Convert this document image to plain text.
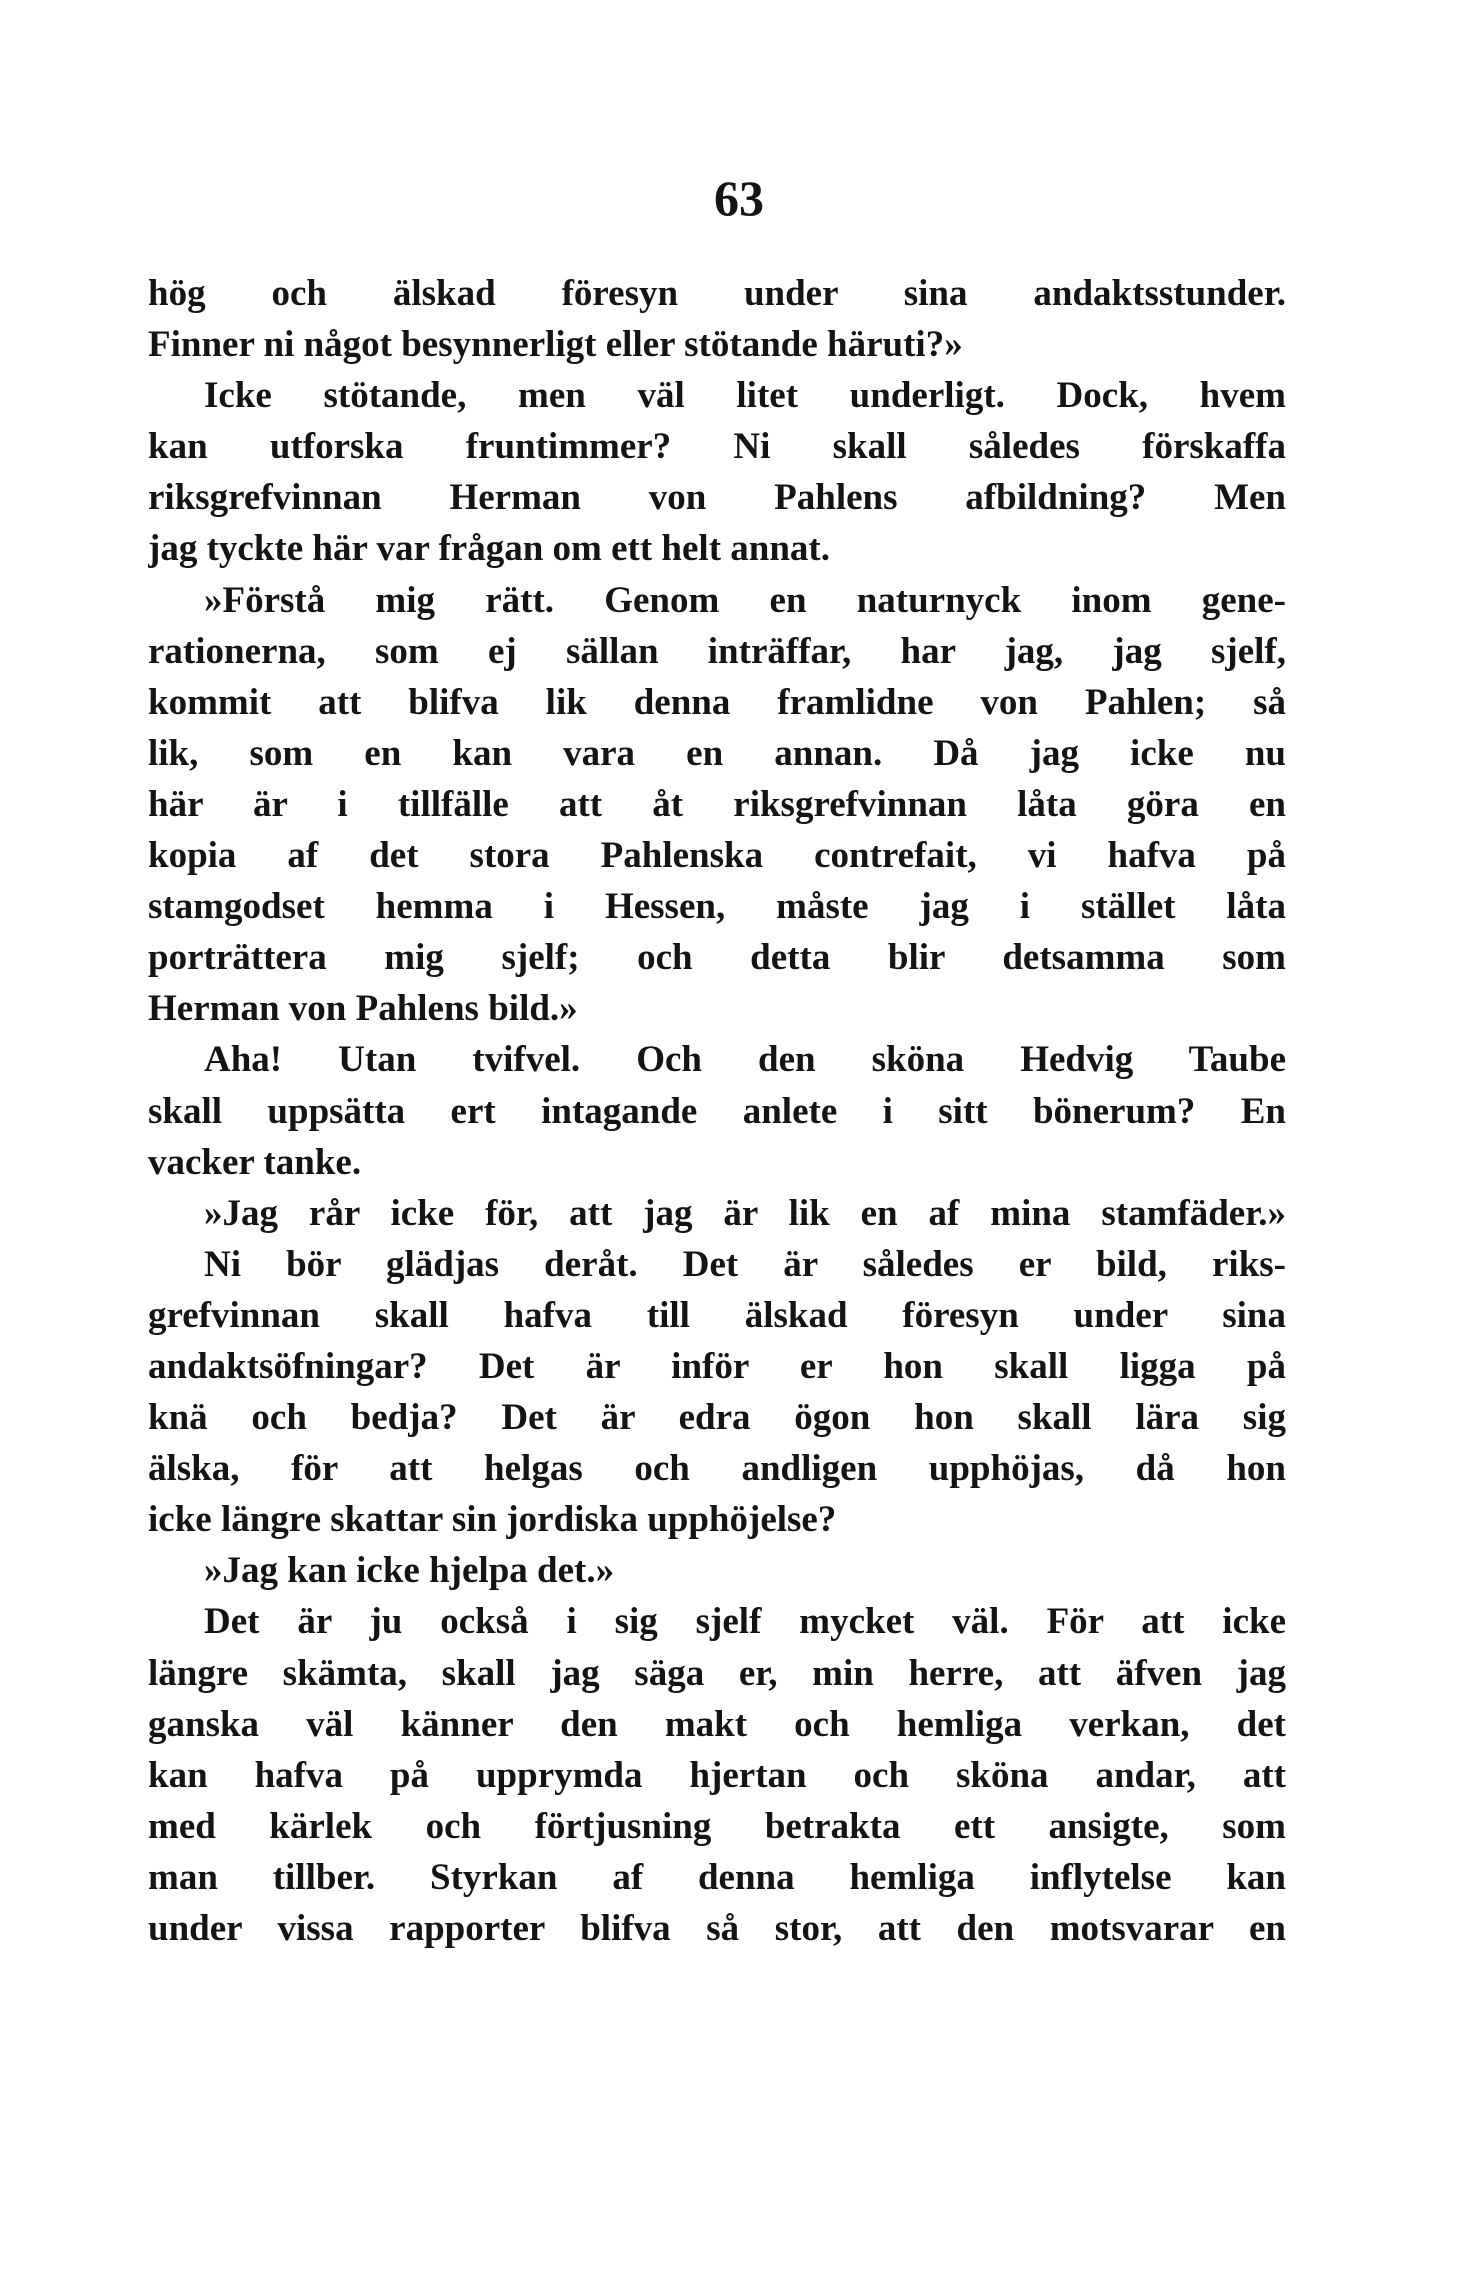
63
hög och älskad föresyn under sina andaktsstunder.
Finner ni något besynnerligt eller stötande häruti?»
Icke stötande, men väl litet underligt. Dock, hvem
kan utforska fruntimmer? Ni skall således förskaffa
riksgrefvinnan Herman von Pahlens afbildning? Men
jag tyckte här var frågan om ett helt annat.
»Förstå mig rätt. Genom en naturnyck inom gene-
rationerna, som ej sällan inträffar, har jag, jag sjelf,
kommit att blifva lik denna framlidne von Pahlen; så
lik, som en kan vara en annan. Då jag icke nu
här är i tillfälle att åt riksgrefvinnan låta göra en
kopia af det stora Pahlenska contrefait, vi hafva på
stamgodset hemma i Hessen, måste jag i stället låta
porträttera mig sjelf; och detta blir detsamma som
Herman von Pahlens bild.»
Aha! Utan tvifvel. Och den sköna Hedvig Taube
skall uppsätta ert intagande anlete i sitt bönerum? En
vacker tanke.
»Jag rår icke för, att jag är lik en af mina stamfäder.»
Ni bör glädjas deråt. Det är således er bild, riks-
grefvinnan skall hafva till älskad föresyn under sina
andaktsöfningar? Det är inför er hon skall ligga på
knä och bedja? Det är edra ögon hon skall lära sig
älska, för att helgas och andligen upphöjas, då hon
icke längre skattar sin jordiska upphöjelse?
»Jag kan icke hjelpa det.»
Det är ju också i sig sjelf mycket väl. För att icke
längre skämta, skall jag säga er, min herre, att äfven jag
ganska väl känner den makt och hemliga verkan, det
kan hafva på upprymda hjertan och sköna andar, att
med kärlek och förtjusning betrakta ett ansigte, som
man tillber. Styrkan af denna hemliga inflytelse kan
under vissa rapporter blifva så stor, att den motsvarar en
